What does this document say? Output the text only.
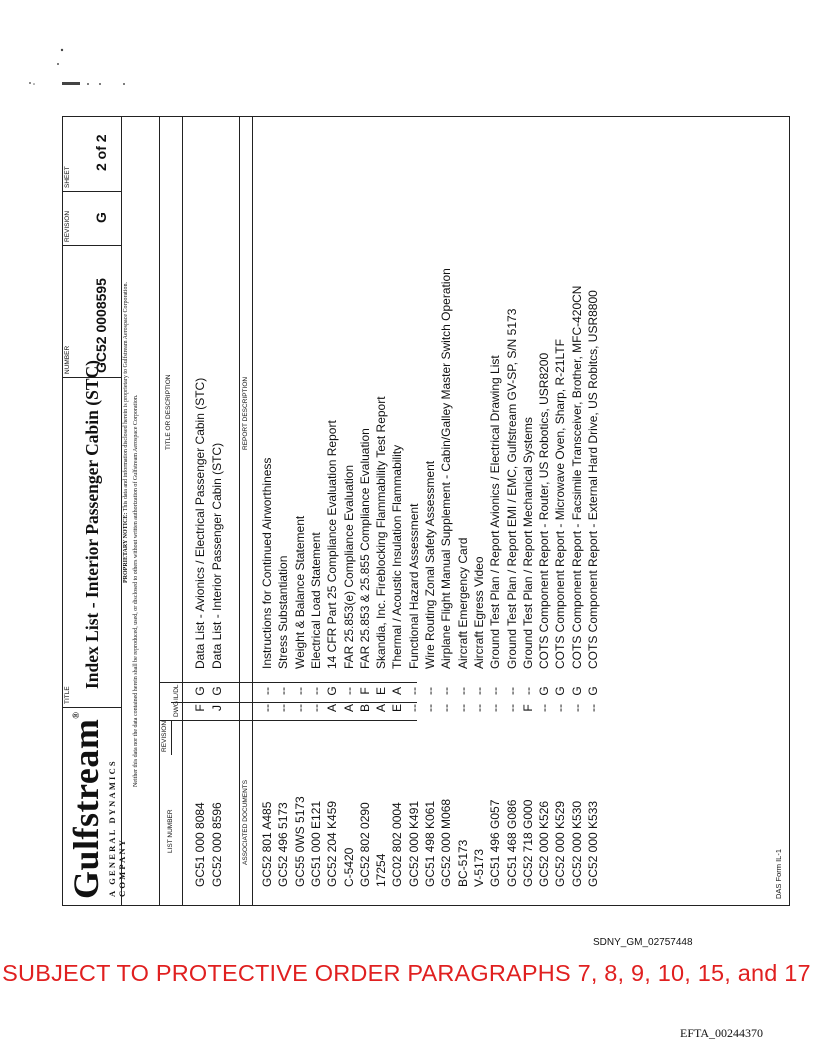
Gulfstream®
A GENERAL DYNAMICS COMPANY
TITLE
Index List - Interior Passenger Cabin (STC)
NUMBER GC52 0008595
REVISION G
SHEET
2 of 2
PROPRIETARY NOTICE: This data and information disclosed herein is proprietary to Gulfstream Aerospace Corporation. Neither this data nor the data contained herein shall be reproduced, used, or disclosed to others without written authorization of Gulfstream Aerospace Corporation.
LIST NUMBER
REVISION
DWG
IL/DL
TITLE OR DESCRIPTION
GC51 000 8084
F
G
Data List - Avionics / Electrical Passenger Cabin (STC)
GC52 000 8596
J
G
Data List - Interior Passenger Cabin (STC)
ASSOCIATED DOCUMENTS
REPORT DESCRIPTION
GC52 801 A485
--
--
Instructions for Continued Airworthiness
GC52 496 5173
--
--
Stress Substantiation
GC55 0WS 5173
--
--
Weight & Balance Statement
GC51 000 E121
--
--
Electrical Load Statement
GC52 204 K459
A
G
14 CFR Part 25 Compliance Evaluation Report
C-5420
A
--
FAR 25.853(e) Compliance Evaluation
GC52 802 0290
B
F
FAR 25.853 & 25.855 Compliance Evaluation
17254
A
E
Skandia, Inc. Fireblocking Flammability Test Report
GC02 802 0004
E
A
Thermal / Acoustic Insulation Flammability
GC52 000 K491
--
--
Functional Hazard Assessment
GC51 498 K061
--
--
Wire Routing Zonal Safety Assessment
GC52 000 M068
--
--
Airplane Flight Manual Supplement - Cabin/Galley Master Switch Operation
BC-5173
--
--
Aircraft Emergency Card
V-5173
--
--
Aircraft Egress Video
GC51 496 G057
--
--
Ground Test Plan / Report Avionics / Electrical Drawing List
GC51 468 G086
--
--
Ground Test Plan / Report EMI / EMC, Gulfstream GV-SP, S/N 5173
GC52 718 G000
F
--
Ground Test Plan / Report Mechanical Systems
GC52 000 K526
--
G
COTS Component Report - Router, US Robotics, USR8200
GC52 000 K529
--
G
COTS Component Report - Microwave Oven, Sharp, R-21LTF
GC52 000 K530
--
G
COTS Component Report - Facsimile Transceiver, Brother, MFC-420CN
GC52 000 K533
--
G
COTS Component Report - External Hard Drive, US Robitcs, USR8800
DAS Form IL-1
SDNY_GM_02757448
SUBJECT TO PROTECTIVE ORDER PARAGRAPHS 7, 8, 9, 10, 15, and 17
EFTA_00244370
